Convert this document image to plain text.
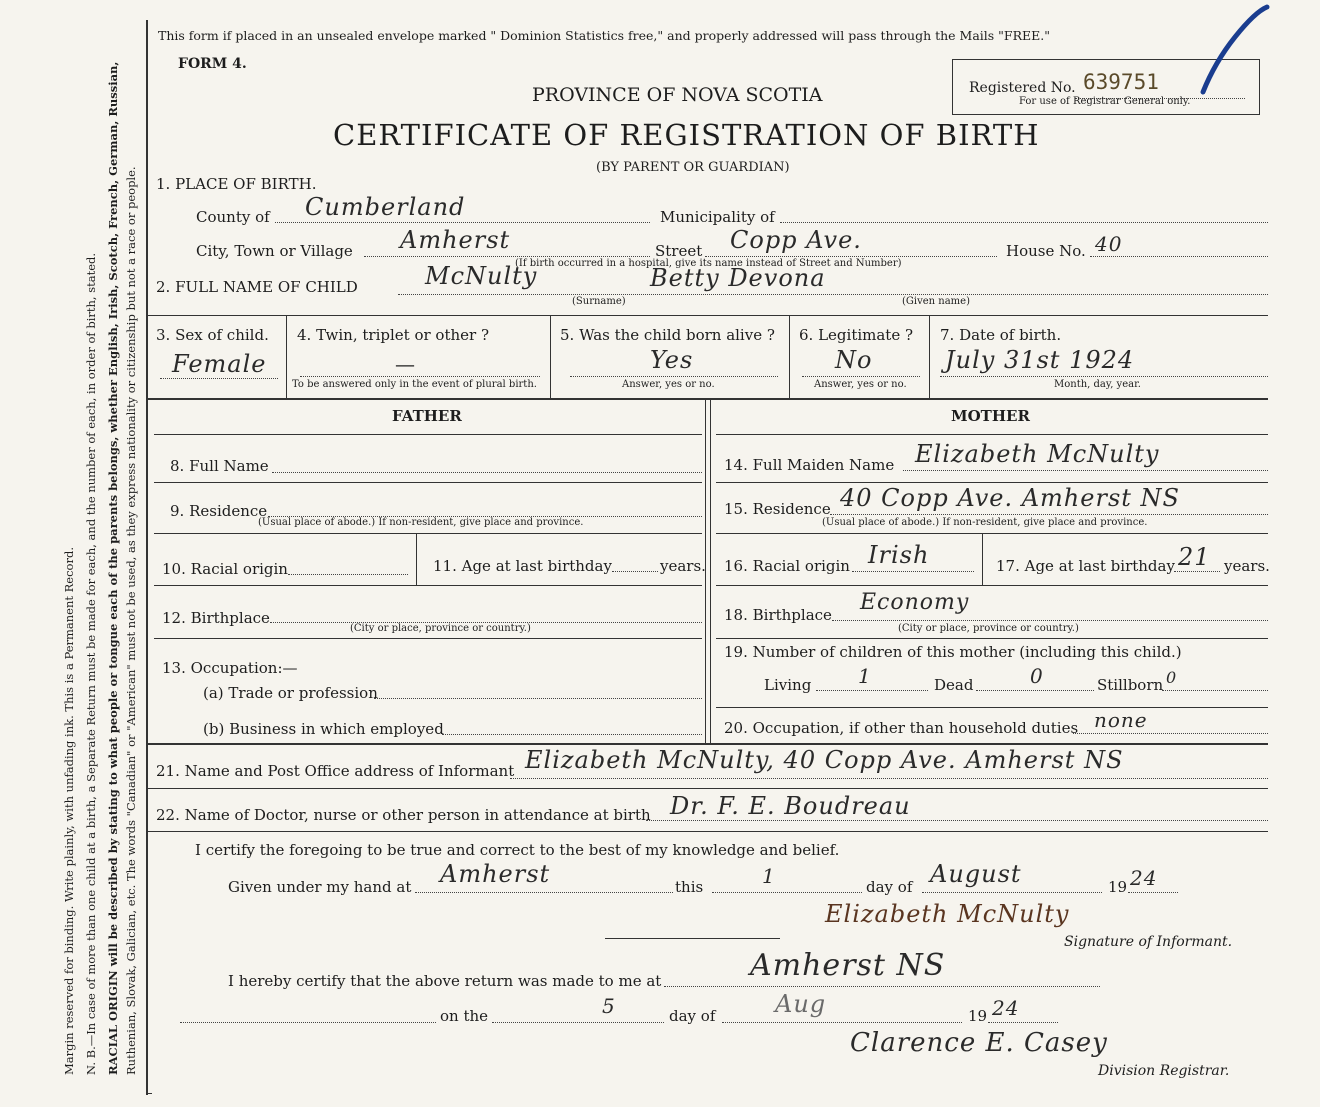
Margin reserved for binding. Write plainly, with unfading ink. This is a Permanent Record. N. B.—In case of more than one child at a birth, a Separate Return must be made for each, and the number of each, in order of birth, stated. RACIAL ORIGIN will be described by stating to what people or tongue each of the parents belongs, whether English, Irish, Scotch, French, German, Russian, Ruthenian, Slovak, Galician, etc. The words "Canadian" or "American" must not be used, as they express nationality or citizenship but not a race or people.
This form if placed in an unsealed envelope marked " Dominion Statistics free," and properly addressed will pass through the Mails "FREE."
FORM 4.
PROVINCE OF NOVA SCOTIA
CERTIFICATE OF REGISTRATION OF BIRTH
(BY PARENT OR GUARDIAN)
Registered No. 639751
For use of Registrar General only.
1. PLACE OF BIRTH.
County of Cumberland	Municipality of
City, Town or Village Amherst	Street Copp Ave.	House No. 40
(If birth occurred in a hospital, give its name instead of Street and Number)
2. FULL NAME OF CHILD	McNulty	Betty Devona
(Surname)	(Given name)
3. Sex of child.
Female
4. Twin, triplet or other ?
—
To be answered only in the event of plural birth.
5. Was the child born alive ?
Yes
Answer, yes or no.
6. Legitimate ?
No
Answer, yes or no.
7. Date of birth.
July 31st 1924
Month, day, year.
FATHER	MOTHER
8. Full Name
9. Residence
(Usual place of abode.) If non-resident, give place and province.
10. Racial origin	11. Age at last birthday	years.
12. Birthplace
(City or place, province or country.)
13. Occupation:—
(a) Trade or profession
(b) Business in which employed
14. Full Maiden Name Elizabeth McNulty
15. Residence 40 Copp Ave. Amherst NS
(Usual place of abode.) If non-resident, give place and province.
16. Racial origin Irish	17. Age at last birthday 21 years.
18. Birthplace Economy
(City or place, province or country.)
19. Number of children of this mother (including this child.)
Living 1	Dead	0	Stillborn 0
20. Occupation, if other than household duties none
21. Name and Post Office address of Informant Elizabeth McNulty, 40 Copp Ave. Amherst NS
22. Name of Doctor, nurse or other person in attendance at birth Dr. F. E. Boudreau
I certify the foregoing to be true and correct to the best of my knowledge and belief.
Given under my hand at Amherst	this	1	day of August	19 24
Elizabeth McNulty
Signature of Informant.
I hereby certify that the above return was made to me at	Amherst NS
on the	5	day of Aug	19 24
Clarence E. Casey
Division Registrar.
